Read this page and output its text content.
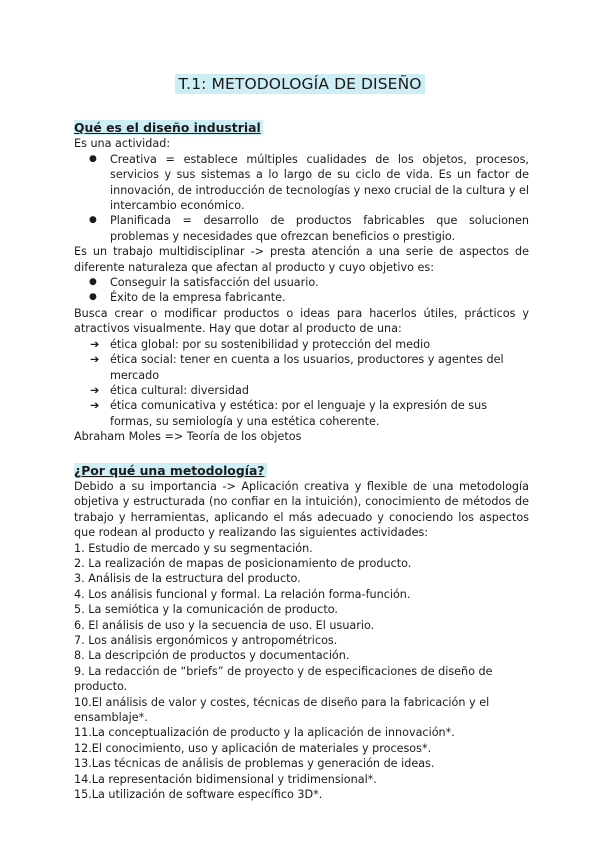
T.1: METODOLOGÍA DE DISEÑO
Qué es el diseño industrial

Es una actividad:

● Creativa = establece múltiples cualidades de los objetos, procesos, servicios y sus sistemas a lo largo de su ciclo de vida. Es un factor de innovación, de introducción de tecnologías y nexo crucial de la cultura y el intercambio económico.
● Planificada = desarrollo de productos fabricables que solucionen problemas y necesidades que ofrezcan beneficios o prestigio.

Es un trabajo multidisciplinar -> presta atención a una serie de aspectos de diferente naturaleza que afectan al producto y cuyo objetivo es:

● Conseguir la satisfacción del usuario.
● Éxito de la empresa fabricante.

Busca crear o modificar productos o ideas para hacerlos útiles, prácticos y atractivos visualmente. Hay que dotar al producto de una:

➔ ética global: por su sostenibilidad y protección del medio
➔ ética social: tener en cuenta a los usuarios, productores y agentes del mercado
➔ ética cultural: diversidad
➔ ética comunicativa y estética: por el lenguaje y la expresión de sus formas, su semiología y una estética coherente.

Abraham Moles => Teoría de los objetos

¿Por qué una metodología?

Debido a su importancia -> Aplicación creativa y flexible de una metodología objetiva y estructurada (no confiar en la intuición), conocimiento de métodos de trabajo y herramientas, aplicando el más adecuado y conociendo los aspectos que rodean al producto y realizando las siguientes actividades:

1. Estudio de mercado y su segmentación.

2. La realización de mapas de posicionamiento de producto.

3. Análisis de la estructura del producto.

4. Los análisis funcional y formal. La relación forma-función.

5. La semiótica y la comunicación de producto.

6. El análisis de uso y la secuencia de uso. El usuario.

7. Los análisis ergonómicos y antropométricos.

8. La descripción de productos y documentación.

9. La redacción de “briefs” de proyecto y de especificaciones de diseño de producto.

10.El análisis de valor y costes, técnicas de diseño para la fabricación y el ensamblaje*.

11.La conceptualización de producto y la aplicación de innovación*.

12.El conocimiento, uso y aplicación de materiales y procesos*.

13.Las técnicas de análisis de problemas y generación de ideas.

14.La representación bidimensional y tridimensional*.

15.La utilización de software específico 3D*.
